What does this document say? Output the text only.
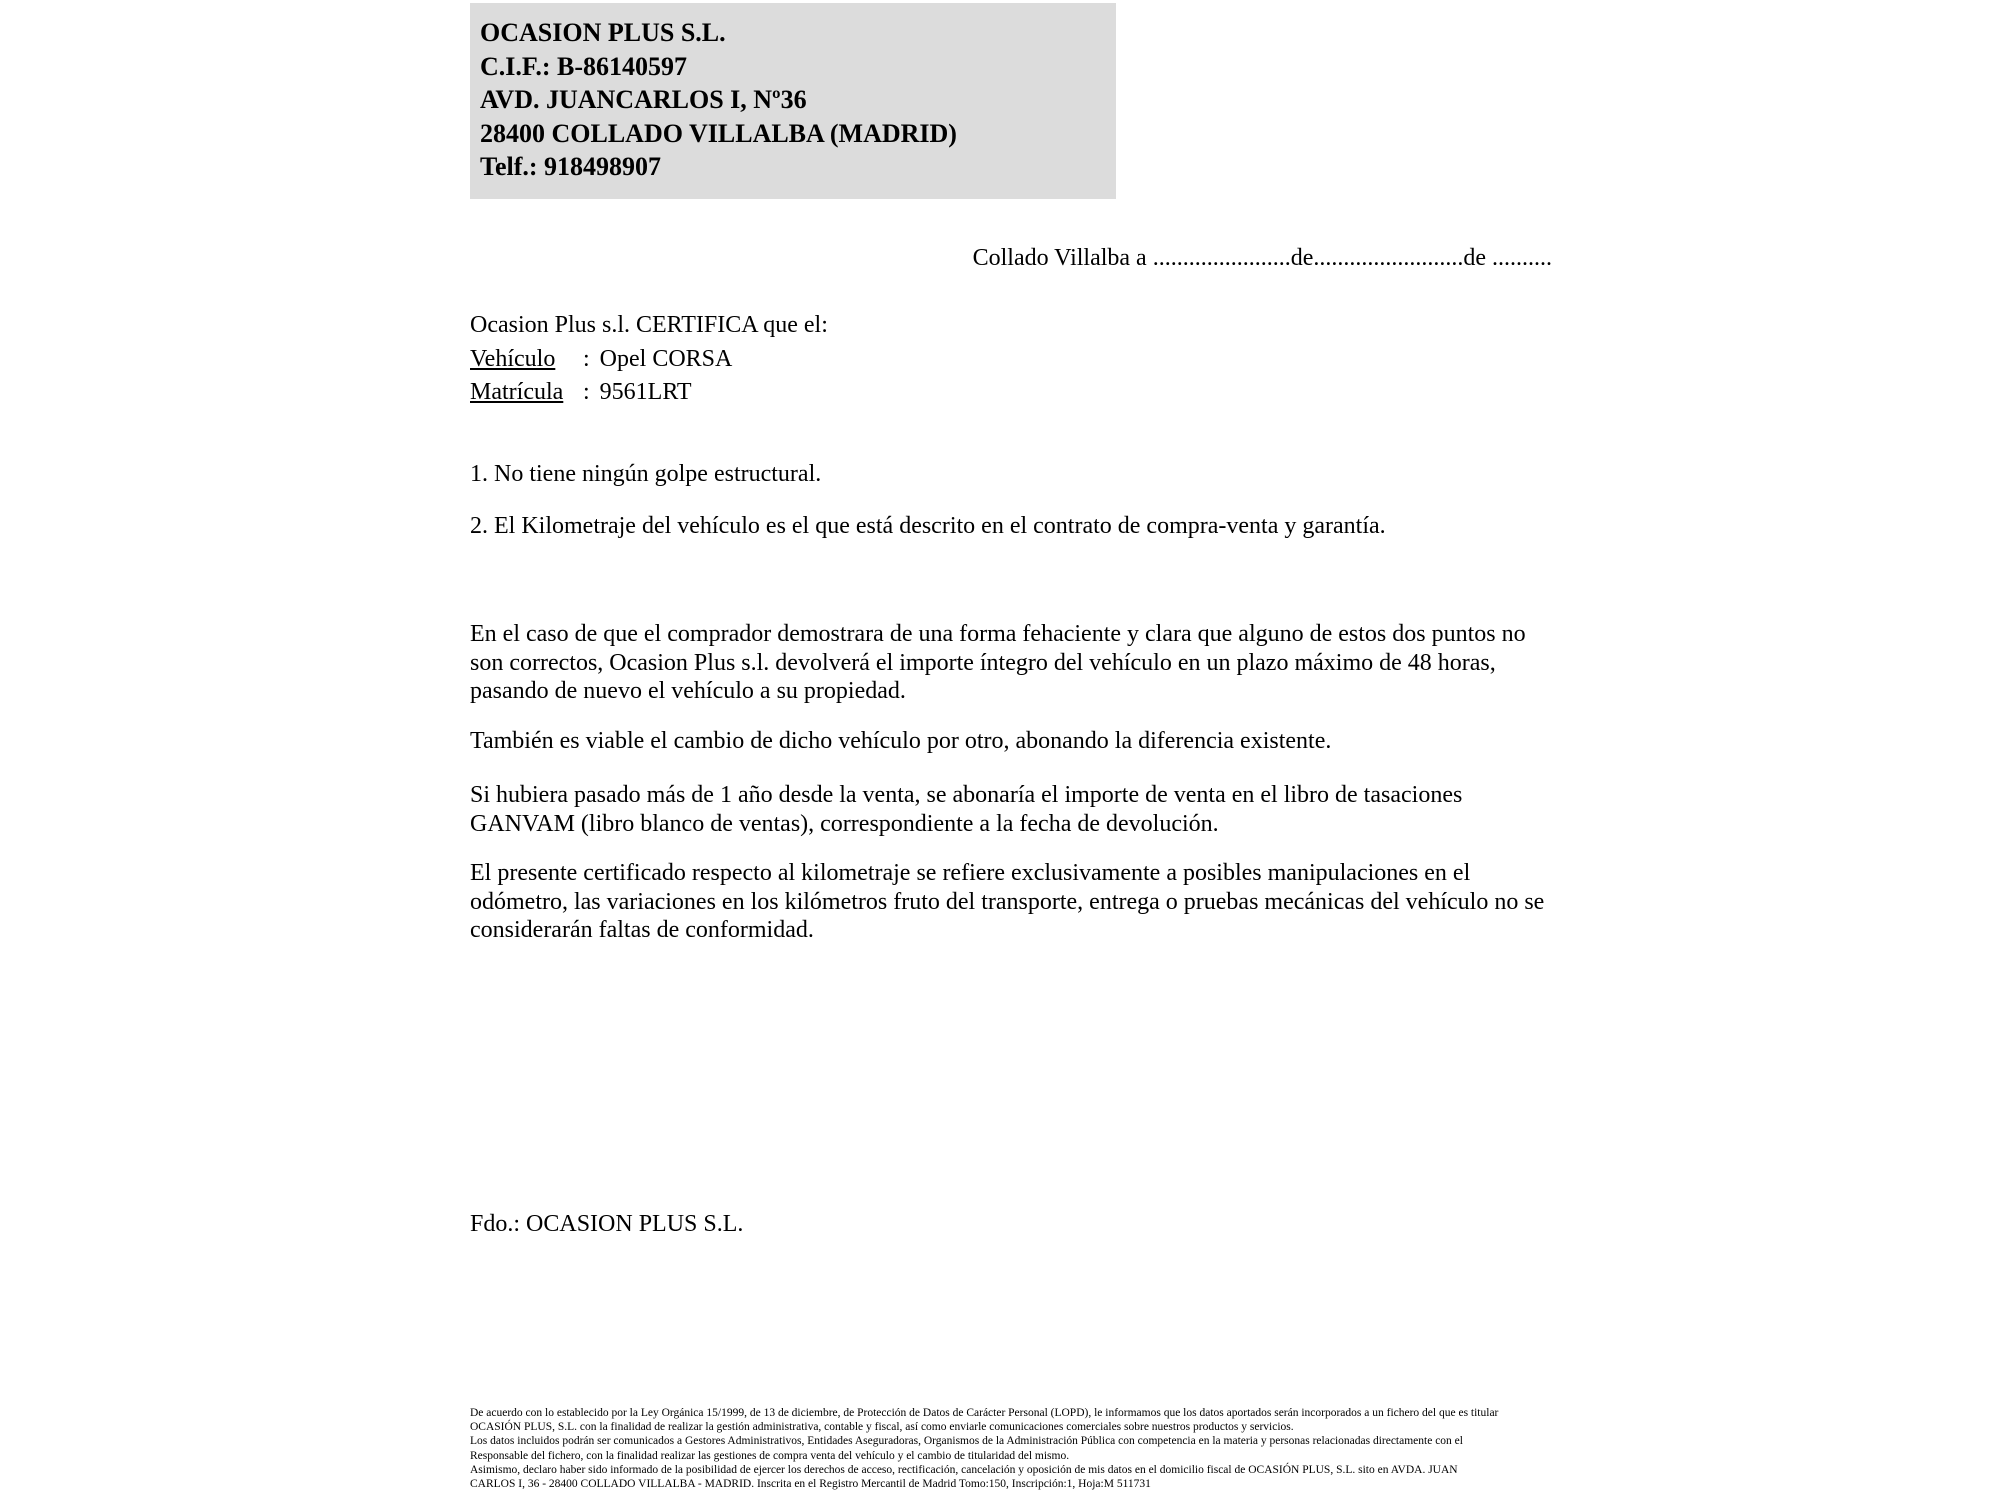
OCASION PLUS S.L.
C.I.F.: B-86140597
AVD. JUANCARLOS I, Nº36
28400 COLLADO VILLALBA (MADRID)
Telf.: 918498907
Collado Villalba a .......................de.........................de ..........
Ocasion Plus s.l. CERTIFICA que el:
Vehículo : Opel CORSA
Matrícula : 9561LRT
1. No tiene ningún golpe estructural.
2. El Kilometraje del vehículo es el que está descrito en el contrato de compra-venta y garantía.
En el caso de que el comprador demostrara de una forma fehaciente y clara que alguno de estos dos puntos no son correctos, Ocasion Plus s.l. devolverá el importe íntegro del vehículo en un plazo máximo de 48 horas, pasando de nuevo el vehículo a su propiedad.
También es viable el cambio de dicho vehículo por otro, abonando la diferencia existente.
Si hubiera pasado más de 1 año desde la venta, se abonaría el importe de venta en el libro de tasaciones GANVAM (libro blanco de ventas), correspondiente a la fecha de devolución.
El presente certificado respecto al kilometraje se refiere exclusivamente a posibles manipulaciones en el odómetro, las variaciones en los kilómetros fruto del transporte, entrega o pruebas mecánicas del vehículo no se considerarán faltas de conformidad.
Fdo.: OCASION PLUS S.L.
De acuerdo con lo establecido por la Ley Orgánica 15/1999, de 13 de diciembre, de Protección de Datos de Carácter Personal (LOPD), le informamos que los datos aportados serán incorporados a un fichero del que es titular
OCASIÓN PLUS, S.L. con la finalidad de realizar la gestión administrativa, contable y fiscal, así como enviarle comunicaciones comerciales sobre nuestros productos y servicios.
Los datos incluidos podrán ser comunicados a Gestores Administrativos, Entidades Aseguradoras, Organismos de la Administración Pública con competencia en la materia y personas relacionadas directamente con el
Responsable del fichero, con la finalidad realizar las gestiones de compra venta del vehículo y el cambio de titularidad del mismo.
Asimismo, declaro haber sido informado de la posibilidad de ejercer los derechos de acceso, rectificación, cancelación y oposición de mis datos en el domicilio fiscal de OCASIÓN PLUS, S.L. sito en AVDA. JUAN
CARLOS I, 36 - 28400 COLLADO VILLALBA - MADRID. Inscrita en el Registro Mercantil de Madrid Tomo:150, Inscripción:1, Hoja:M 511731
